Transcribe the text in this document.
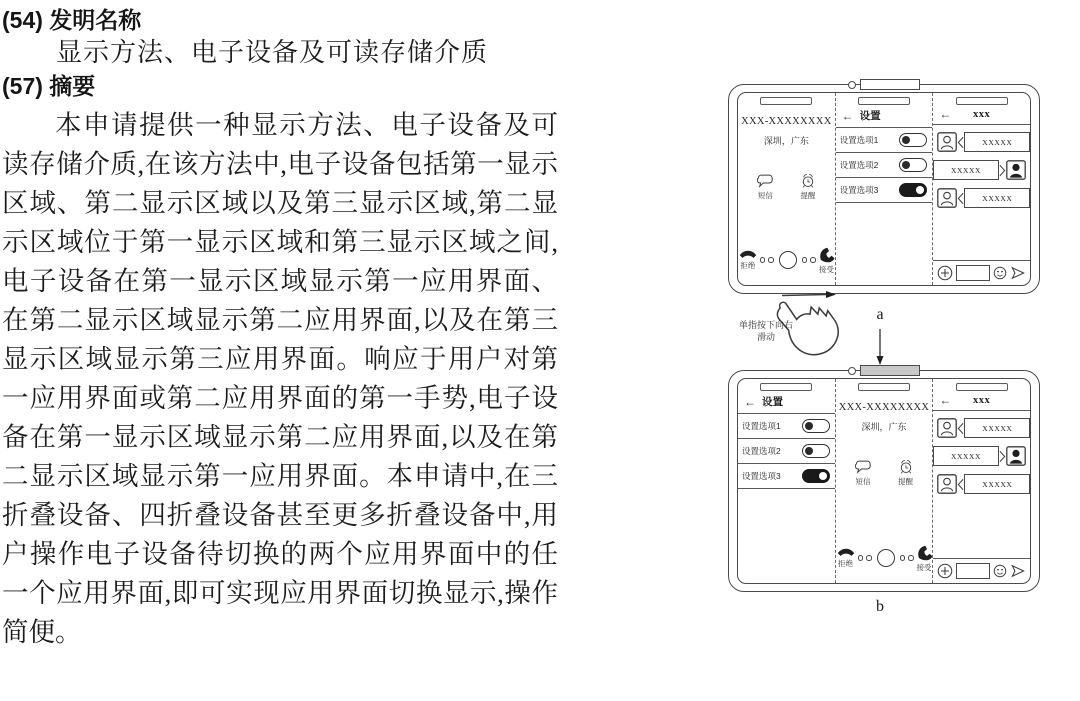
(54) 发明名称
显示方法、电子设备及可读存储介质
(57) 摘要

本申请提供一种显示方法、电子设备及可读存储介质,在该方法中,电子设备包括第一显示区域、第二显示区域以及第三显示区域,第二显示区域位于第一显示区域和第三显示区域之间,电子设备在第一显示区域显示第一应用界面、在第二显示区域显示第二应用界面,以及在第三显示区域显示第三应用界面。响应于用户对第一应用界面或第二应用界面的第一手势,电子设备在第一显示区域显示第二应用界面,以及在第二显示区域显示第一应用界面。本申请中,在三折叠设备、四折叠设备甚至更多折叠设备中,用户操作电子设备待切换的两个应用界面中的任一个应用界面,即可实现应用界面切换显示,操作简便。

XXX-XXXXXXXX
深圳，广东
短信	提醒
拒绝	接受
← 设置
设置选项1
设置选项2
设置选项3
← xxx
XXXXX
XXXXX
XXXXX
单指按下向右
滑动
a
← 设置
设置选项1
设置选项2
设置选项3
XXX-XXXXXXXX
深圳，广东
短信	提醒
拒绝	接受
← xxx
XXXXX
XXXXX
XXXXX
b
